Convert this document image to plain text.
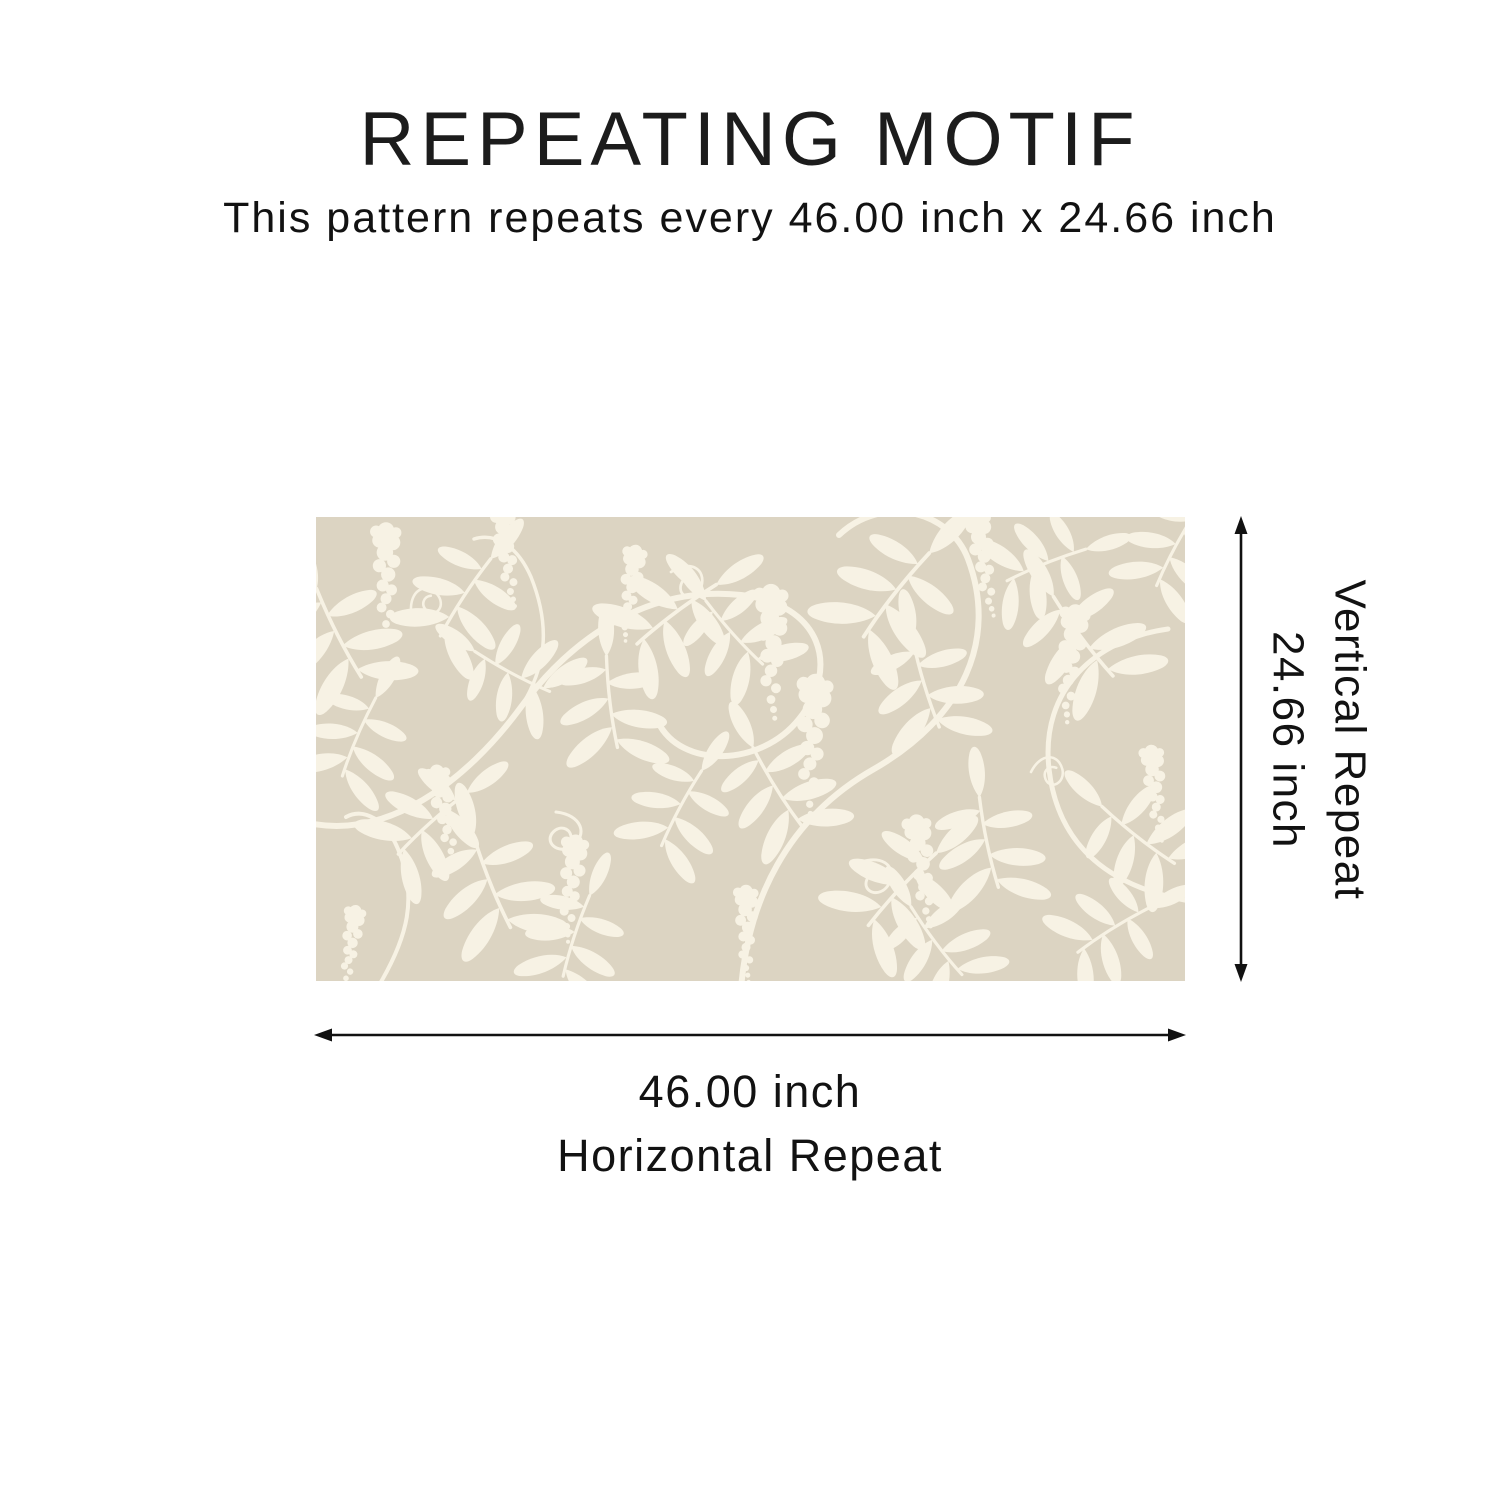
REPEATING MOTIF

This pattern repeats every 46.00 inch x 24.66 inch

Vertical Repeat
24.66 inch
46.00 inch
Horizontal Repeat
